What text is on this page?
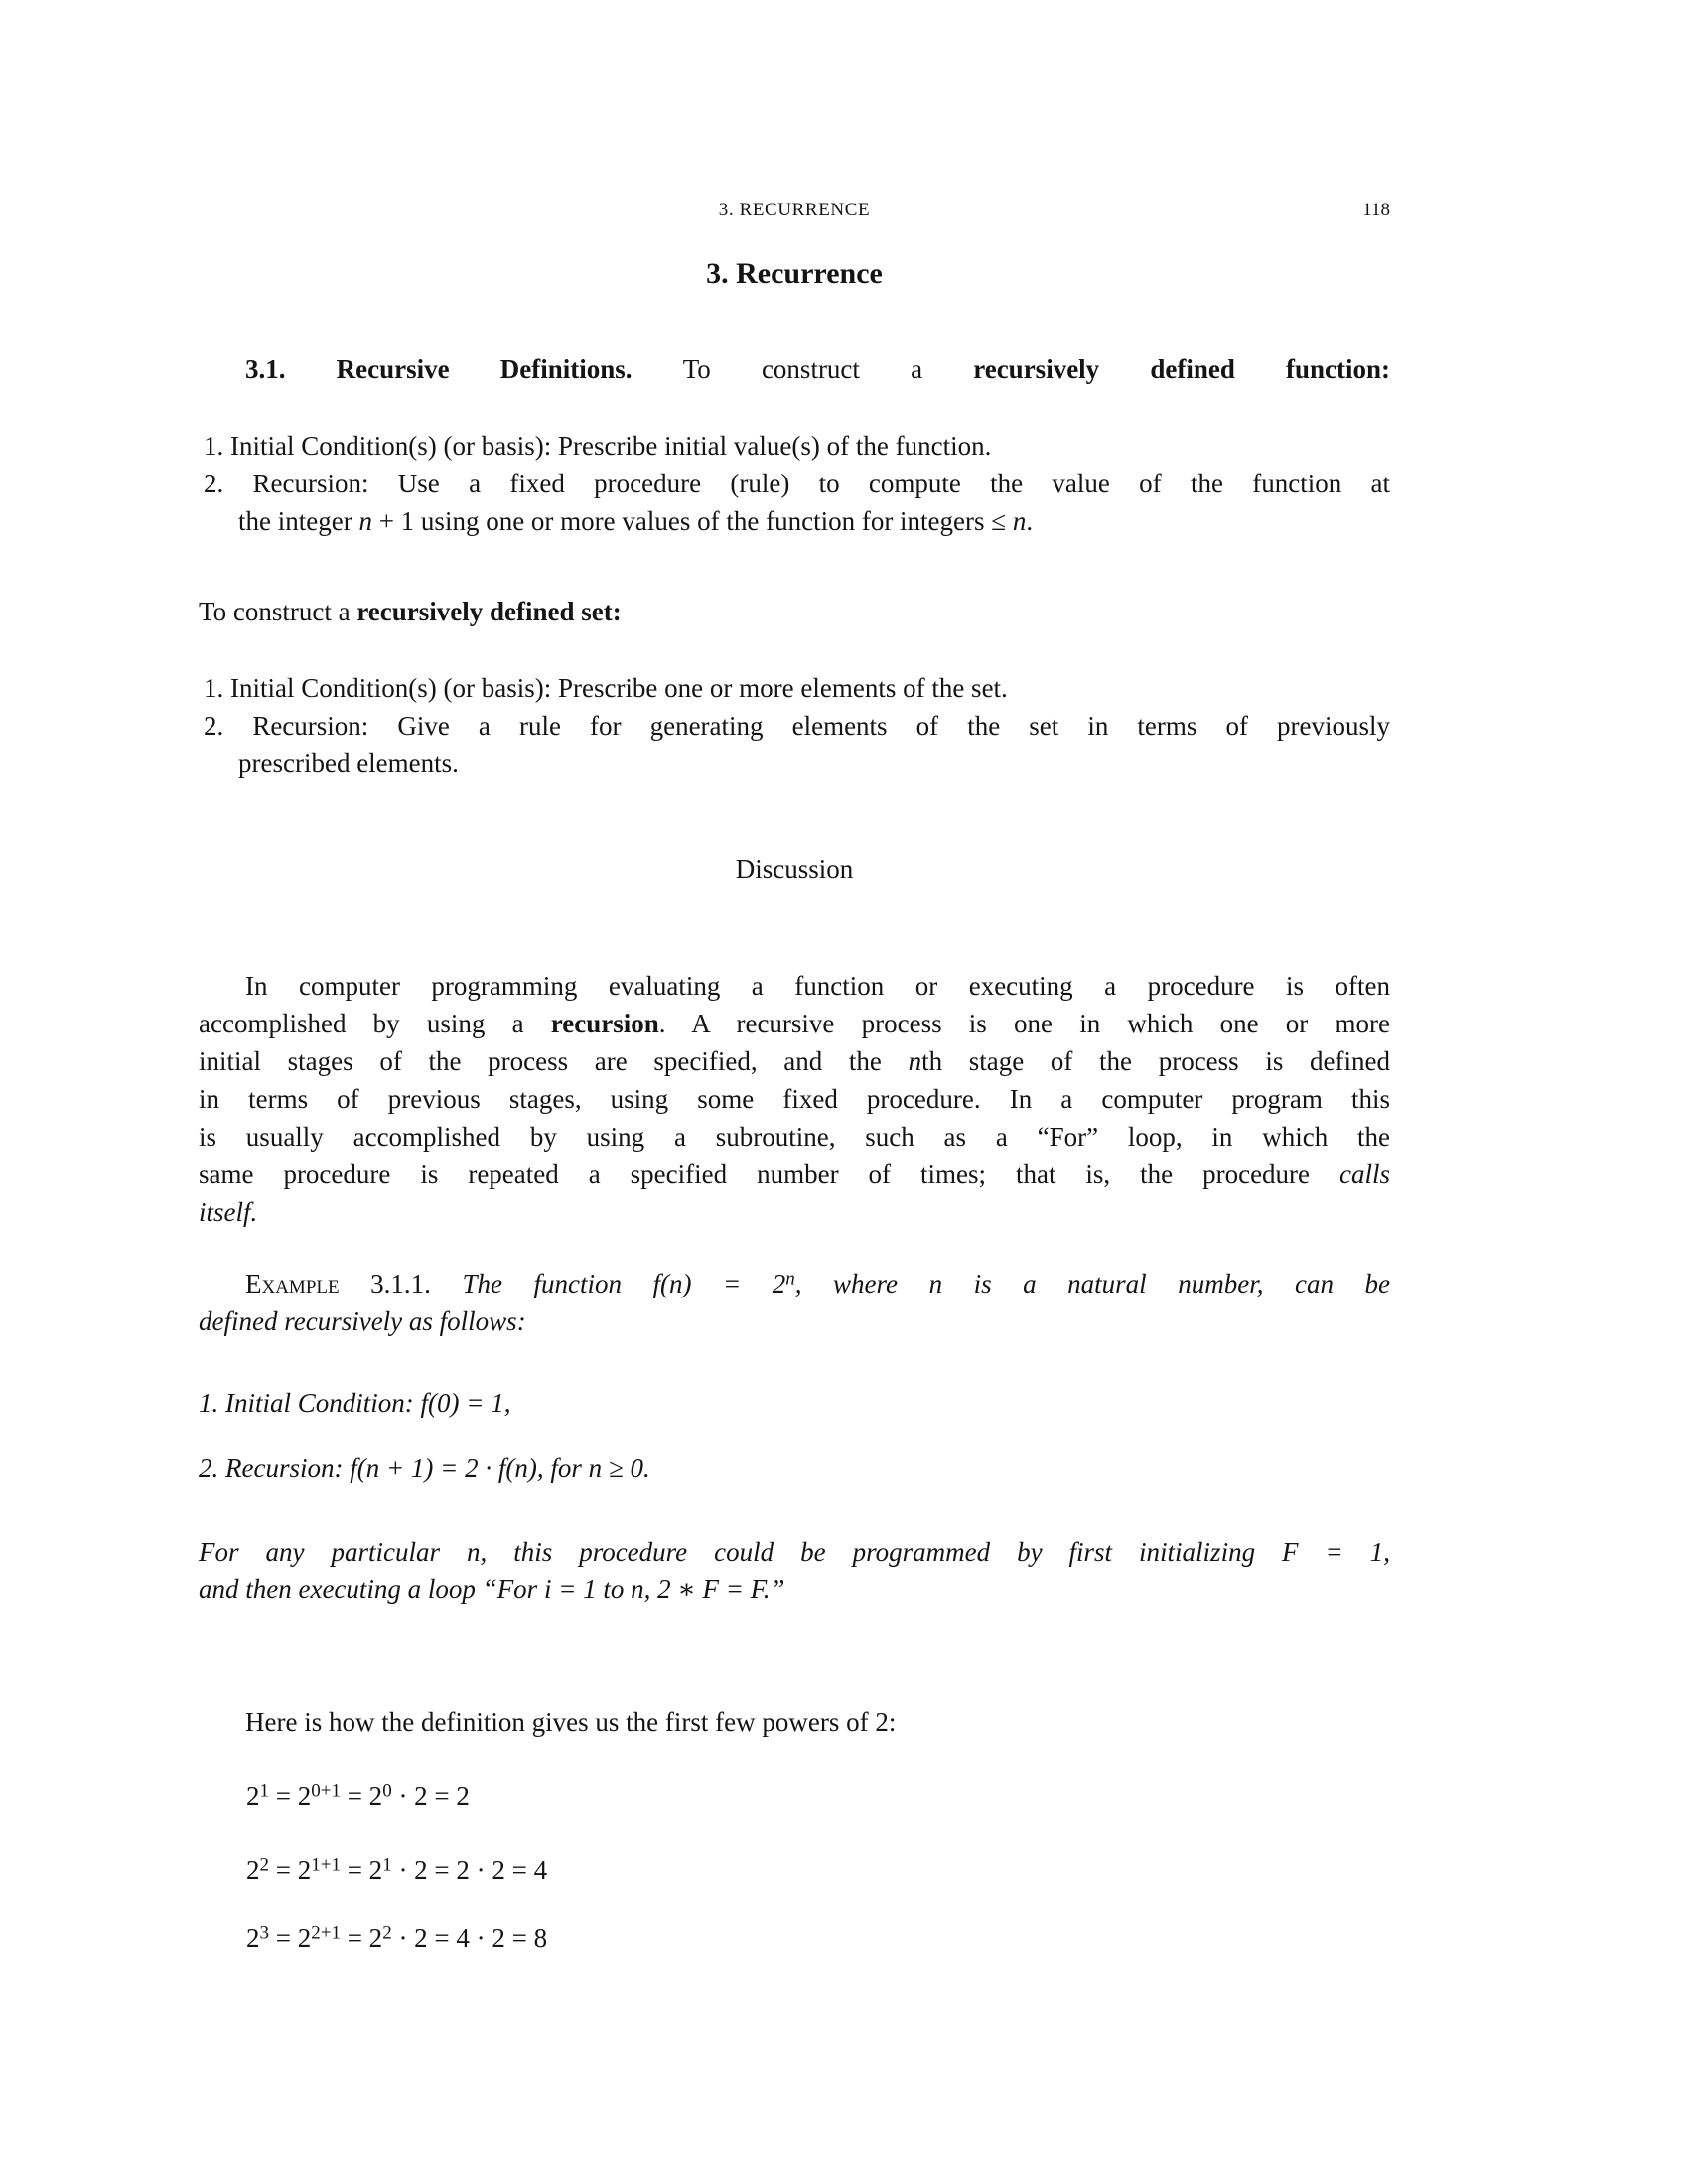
3. RECURRENCE	118
3. Recurrence
3.1. Recursive Definitions. To construct a recursively defined function:
1. Initial Condition(s) (or basis): Prescribe initial value(s) of the function.
2. Recursion: Use a fixed procedure (rule) to compute the value of the function at
the integer n + 1 using one or more values of the function for integers ≤ n.
To construct a recursively defined set:
1. Initial Condition(s) (or basis): Prescribe one or more elements of the set.
2. Recursion: Give a rule for generating elements of the set in terms of previously
prescribed elements.
Discussion
In computer programming evaluating a function or executing a procedure is often
accomplished by using a recursion. A recursive process is one in which one or more
initial stages of the process are specified, and the nth stage of the process is defined
in terms of previous stages, using some fixed procedure. In a computer program this
is usually accomplished by using a subroutine, such as a “For” loop, in which the
same procedure is repeated a specified number of times; that is, the procedure calls
itself.
Example 3.1.1. The function $f(n) = 2^n$, where n is a natural number, can be
defined recursively as follows:
1. Initial Condition: f(0) = 1,
2. Recursion: f(n + 1) = 2 · f(n), for n ≥ 0.
For any particular n, this procedure could be programmed by first initializing F = 1,
and then executing a loop “For i = 1 to n, 2 ∗ F = F.”
Here is how the definition gives us the first few powers of 2:
$2^1 = 2^{0+1} = 2^0 \cdot 2 = 2$
$2^2 = 2^{1+1} = 2^1 \cdot 2 = 2 \cdot 2 = 4$
$2^3 = 2^{2+1} = 2^2 \cdot 2 = 4 \cdot 2 = 8$
